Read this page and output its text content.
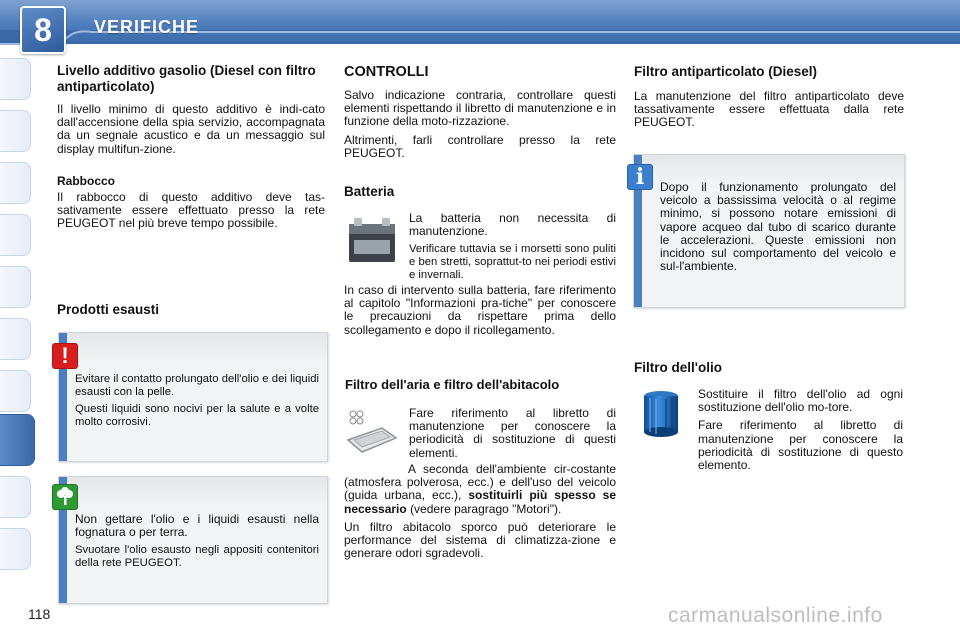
8	VERIFICHE
Livello additivo gasolio (Diesel con filtro antiparticolato)

Il livello minimo di questo additivo è indi-cato dall'accensione della spia servizio, accompagnata da un segnale acustico e da un messaggio sul display multifun-zione.

Rabbocco

Il rabbocco di questo additivo deve tas-sativamente essere effettuato presso la rete PEUGEOT nel più breve tempo possibile.

Prodotti esausti

Evitare il contatto prolungato dell'olio e dei liquidi esausti con la pelle.

Questi liquidi sono nocivi per la salute e a volte molto corrosivi.

!

Non gettare l'olio e i liquidi esausti nella fognatura o per terra.

Svuotare l'olio esausto negli appositi contenitori della rete PEUGEOT.

CONTROLLI

Salvo indicazione contraria, controllare questi elementi rispettando il libretto di manutenzione e in funzione della moto-rizzazione.

Altrimenti, farli controllare presso la rete PEUGEOT.

Batteria

La batteria non necessita di manutenzione.

Verificare tuttavia se i morsetti sono puliti e ben stretti, soprattut-to nei periodi estivi e invernali.

In caso di intervento sulla batteria, fare riferimento al capitolo "Informazioni pra-tiche" per conoscere le precauzioni da rispettare prima dello scollegamento e dopo il ricollegamento.

Filtro dell'aria e filtro dell'abitacolo

Fare riferimento al libretto di manutenzione per conoscere la periodicità di sostituzione di questi elementi.

A seconda dell'ambiente cir-costante (atmosfera polverosa, ecc.) e dell'uso del veicolo (guida urbana, ecc.), sostituirli più spesso se necessario (vedere paragrago "Motori").

Un filtro abitacolo sporco può deteriorare le performance del sistema di climatizza-zione e generare odori sgradevoli.

Filtro antiparticolato (Diesel)

La manutenzione del filtro antiparticolato deve tassativamente essere effettuata dalla rete PEUGEOT.

Dopo il funzionamento prolungato del veicolo a bassissima velocità o al regime minimo, si possono notare emissioni di vapore acqueo dal tubo di scarico durante le accelerazioni. Queste emissioni non incidono sul comportamento del veicolo e sul-l'ambiente.

i
Filtro dell'olio

Sostituire il filtro dell'olio ad ogni sostituzione dell'olio mo-tore.

Fare riferimento al libretto di manutenzione per conoscere la periodicità di sostituzione di questo elemento.

118	carmanualsonline.info
